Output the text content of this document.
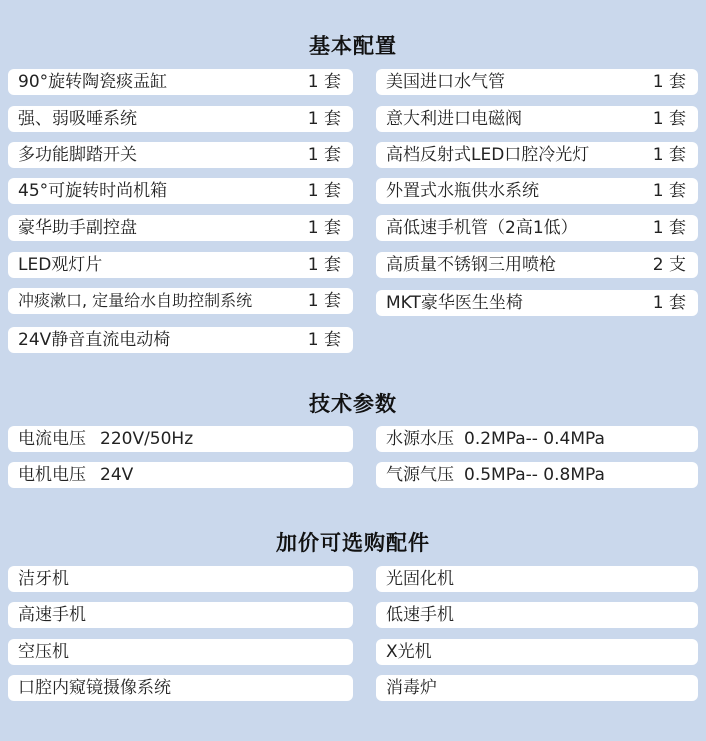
基本配置
90°旋转陶瓷痰盂缸	1 套
强、弱吸唾系统	1 套
多功能脚踏开关	1 套
45°可旋转时尚机箱	1 套
豪华助手副控盘	1 套
LED观灯片	1 套
冲痰漱口, 定量给水自助控制系统	1 套
24V静音直流电动椅	1 套
美国进口水气管	1 套
意大利进口电磁阀	1 套
高档反射式LED口腔冷光灯	1 套
外置式水瓶供水系统	1 套
高低速手机管（2高1低）	1 套
高质量不锈钢三用喷枪	2 支
MKT豪华医生坐椅	1 套
技术参数
电流电压 220V/50Hz	水源水压 0.2MPa-- 0.4MPa
电机电压 24V	气源气压 0.5MPa-- 0.8MPa
加价可选购配件
洁牙机
高速手机
空压机
口腔内窥镜摄像系统
光固化机
低速手机
X光机
消毒炉
